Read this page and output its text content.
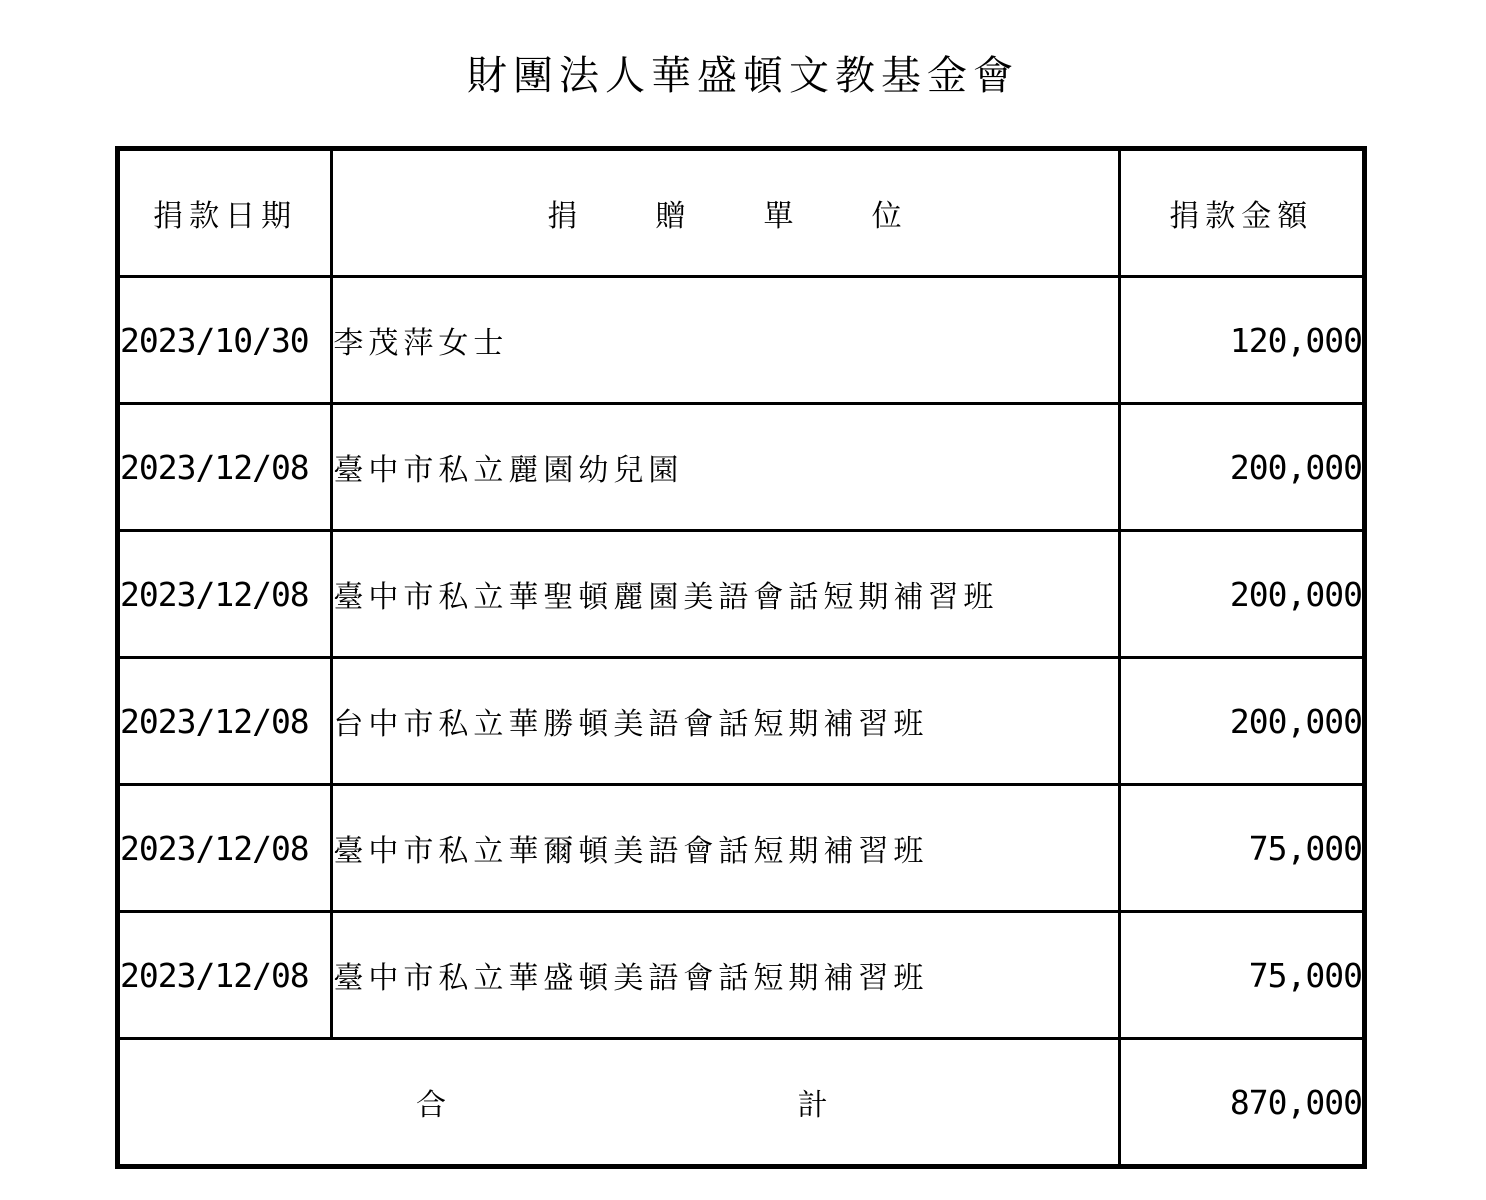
財團法人華盛頓文教基金會
捐款日期	捐 贈 單 位	捐款金額
2023/10/30	李茂萍女士	120,000
2023/12/08	臺中市私立麗園幼兒園	200,000
2023/12/08	臺中市私立華聖頓麗園美語會話短期補習班	200,000
2023/12/08	台中市私立華勝頓美語會話短期補習班	200,000
2023/12/08	臺中市私立華爾頓美語會話短期補習班	75,000
2023/12/08	臺中市私立華盛頓美語會話短期補習班	75,000

合 計		870,000
